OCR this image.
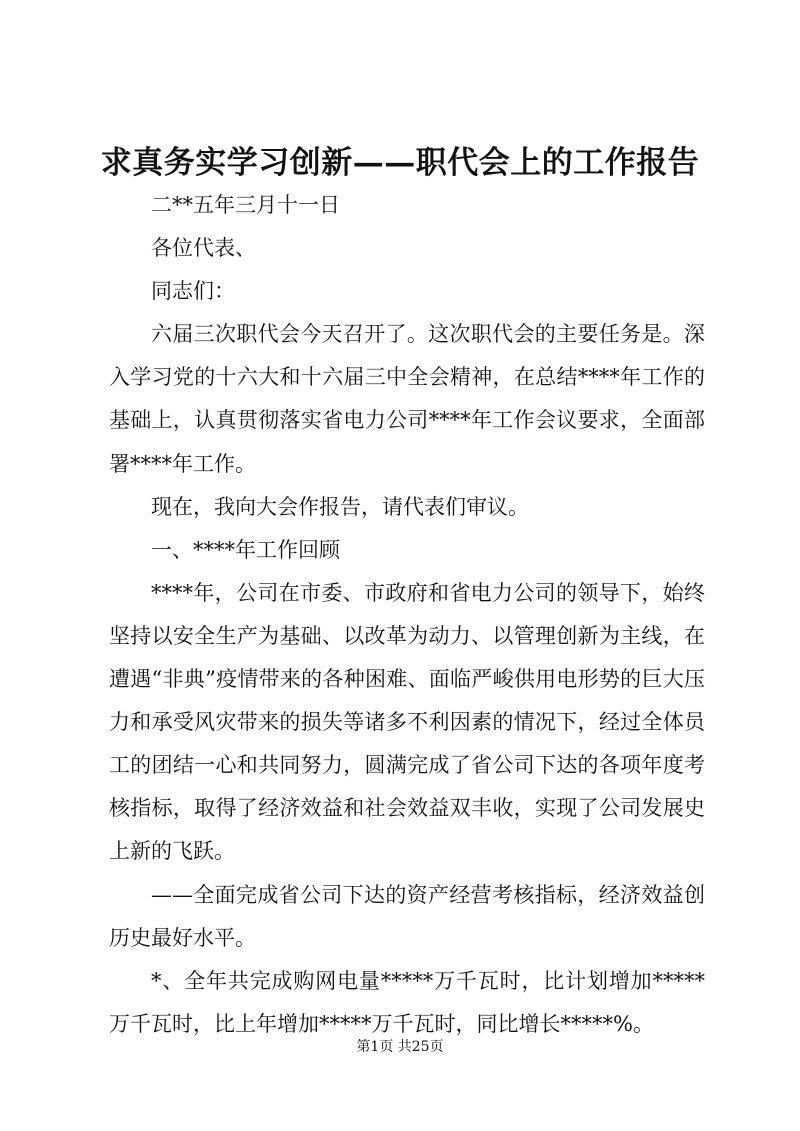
求真务实学习创新——职代会上的工作报告

二**五年三月十一日

各位代表、

同志们：

六届三次职代会今天召开了。这次职代会的主要任务是。深入学习党的十六大和十六届三中全会精神，在总结****年工作的基础上，认真贯彻落实省电力公司****年工作会议要求，全面部署****年工作。

现在，我向大会作报告，请代表们审议。

一、****年工作回顾

****年，公司在市委、市政府和省电力公司的领导下，始终坚持以安全生产为基础、以改革为动力、以管理创新为主线，在遭遇“非典”疫情带来的各种困难、面临严峻供用电形势的巨大压力和承受风灾带来的损失等诸多不利因素的情况下，经过全体员工的团结一心和共同努力，圆满完成了省公司下达的各项年度考核指标，取得了经济效益和社会效益双丰收，实现了公司发展史上新的飞跃。

——全面完成省公司下达的资产经营考核指标，经济效益创历史最好水平。

*、全年共完成购网电量*****万千瓦时，比计划增加*****万千瓦时，比上年增加*****万千瓦时，同比增长*****%。

第1页 共25页
